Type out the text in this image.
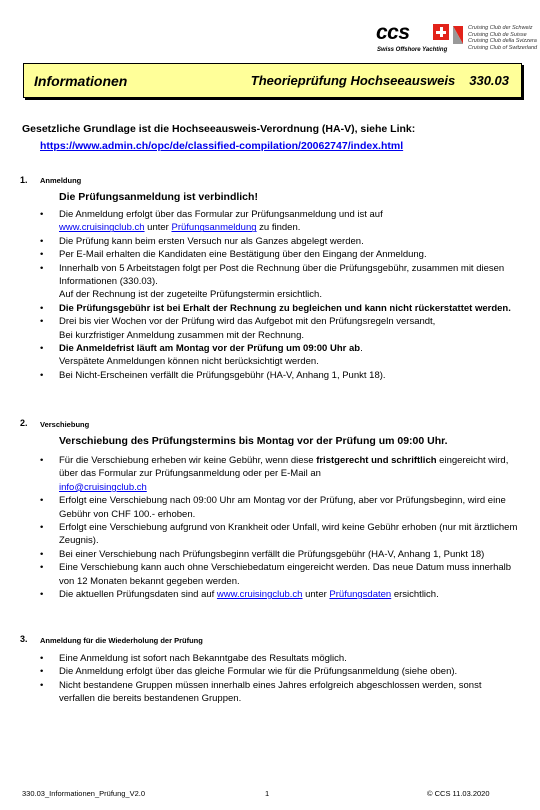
ccs
Swiss Offshore Yachting
Cruising Club der Schweiz
Cruising Club de Suisse
Cruising Club della Svizzera
Cruising Club of Switzerland
Informationen	Theorieprüfung Hochseeausweis 330.03
Gesetzliche Grundlage ist die Hochseeausweis-Verordnung (HA-V), siehe Link:
https://www.admin.ch/opc/de/classified-compilation/20062747/index.html
1. Anmeldung
Die Prüfungsanmeldung ist verbindlich!
• Die Anmeldung erfolgt über das Formular zur Prüfungsanmeldung und ist auf
www.cruisingclub.ch unter Prüfungsanmeldung zu finden.
• Die Prüfung kann beim ersten Versuch nur als Ganzes abgelegt werden.
• Per E-Mail erhalten die Kandidaten eine Bestätigung über den Eingang der Anmeldung.
• Innerhalb von 5 Arbeitstagen folgt per Post die Rechnung über die Prüfungsgebühr, zusammen mit diesen Informationen (330.03).
Auf der Rechnung ist der zugeteilte Prüfungstermin ersichtlich.
• Die Prüfungsgebühr ist bei Erhalt der Rechnung zu begleichen und kann nicht rückerstattet werden.
• Drei bis vier Wochen vor der Prüfung wird das Aufgebot mit den Prüfungsregeln versandt,
Bei kurzfristiger Anmeldung zusammen mit der Rechnung.
• Die Anmeldefrist läuft am Montag vor der Prüfung um 09:00 Uhr ab.
Verspätete Anmeldungen können nicht berücksichtigt werden.
• Bei Nicht-Erscheinen verfällt die Prüfungsgebühr (HA-V, Anhang 1, Punkt 18).
2. Verschiebung
Verschiebung des Prüfungstermins bis Montag vor der Prüfung um 09:00 Uhr.
• Für die Verschiebung erheben wir keine Gebühr, wenn diese fristgerecht und schriftlich eingereicht wird, über das Formular zur Prüfungsanmeldung oder per E-Mail an
info@cruisingclub.ch
• Erfolgt eine Verschiebung nach 09:00 Uhr am Montag vor der Prüfung, aber vor Prüfungsbeginn, wird eine Gebühr von CHF 100.- erhoben.
• Erfolgt eine Verschiebung aufgrund von Krankheit oder Unfall, wird keine Gebühr erhoben (nur mit ärztlichem Zeugnis).
• Bei einer Verschiebung nach Prüfungsbeginn verfällt die Prüfungsgebühr (HA-V, Anhang 1, Punkt 18)
• Eine Verschiebung kann auch ohne Verschiebedatum eingereicht werden. Das neue Datum muss innerhalb von 12 Monaten bekannt gegeben werden.
• Die aktuellen Prüfungsdaten sind auf www.cruisingclub.ch unter Prüfungsdaten ersichtlich.
3. Anmeldung für die Wiederholung der Prüfung
• Eine Anmeldung ist sofort nach Bekanntgabe des Resultats möglich.
• Die Anmeldung erfolgt über das gleiche Formular wie für die Prüfungsanmeldung (siehe oben).
• Nicht bestandene Gruppen müssen innerhalb eines Jahres erfolgreich abgeschlossen werden, sonst verfallen die bereits bestandenen Gruppen.
330.03_Informationen_Prüfung_V2.0	1	© CCS 11.03.2020
